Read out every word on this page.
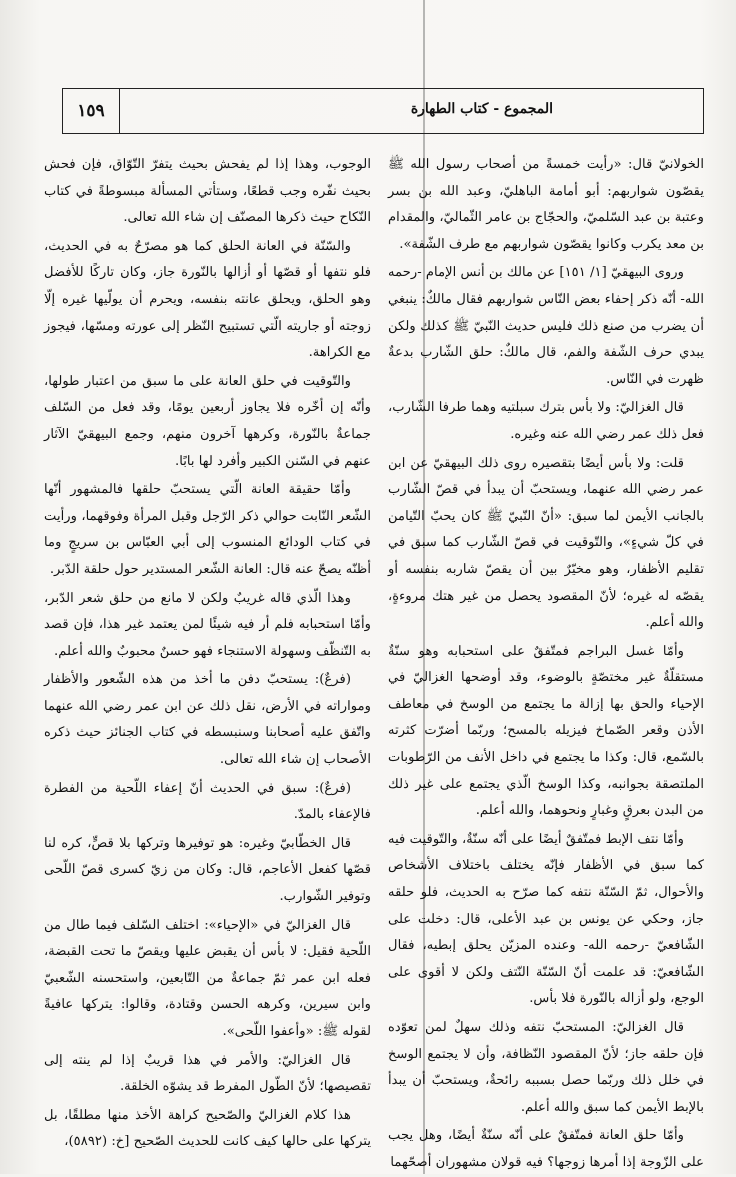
المجموع - كتاب الطهارة
١٥٩

الخولانيّ قال: «رأيت خمسةً من أصحاب رسول الله ﷺ يقصّون شواربهم: أبو أمامة الباهليّ، وعبد الله بن بسر وعتبة بن عبد السّلميّ، والحجّاج بن عامر الثّماليّ، والمقدام بن معد يكرب وكانوا يقصّون شواربهم مع طرف الشّفة».

وروى البيهقيّ [١/ ١٥١] عن مالك بن أنس الإمام -رحمه الله- أنّه ذكر إحفاء بعض النّاس شواربهم فقال مالكٌ: ينبغي أن يضرب من صنع ذلك فليس حديث النّبيّ ﷺ كذلك ولكن يبدي حرف الشّفة والفم، قال مالكٌ: حلق الشّارب بدعةٌ ظهرت في النّاس.

قال الغزاليّ: ولا بأس بترك سبلتيه وهما طرفا الشّارب، فعل ذلك عمر رضي الله عنه وغيره.

قلت: ولا بأس أيضًا بتقصيره روى ذلك البيهقيّ عن ابن عمر رضي الله عنهما، ويستحبّ أن يبدأ في قصّ الشّارب بالجانب الأيمن لما سبق: «أنّ النّبيّ ﷺ كان يحبّ التّيامن في كلّ شيءٍ»، والتّوقيت في قصّ الشّارب كما سبق في تقليم الأظفار، وهو مخيّرٌ بين أن يقصّ شاربه بنفسه أو يقصّه له غيره؛ لأنّ المقصود يحصل من غير هتك مروءةٍ، والله أعلم.

وأمّا غسل البراجم فمتّفقٌ على استحبابه وهو سنّةٌ مستقلّةٌ غير مختصّةٍ بالوضوء، وقد أوضحها الغزاليّ في الإحياء والحق بها إزالة ما يجتمع من الوسخ في معاطف الأذن وقعر الصّماخ فيزيله بالمسح؛ وربّما أضرّت كثرته بالسّمع، قال: وكذا ما يجتمع في داخل الأنف من الرّطوبات الملتصقة بجوانبه، وكذا الوسخ الّذي يجتمع على غير ذلك من البدن بعرقٍ وغبارٍ ونحوهما، والله أعلم.

وأمّا نتف الإبط فمتّفقٌ أيضًا على أنّه سنّةٌ، والتّوقيت فيه كما سبق في الأظفار فإنّه يختلف باختلاف الأشخاص والأحوال، ثمّ السّنّة نتفه كما صرّح به الحديث، فلو حلقه جاز، وحكي عن يونس بن عبد الأعلى، قال: دخلت على الشّافعيّ -رحمه الله- وعنده المزيّن يحلق إبطيه، فقال الشّافعيّ: قد علمت أنّ السّنّة النّتف ولكن لا أقوى على الوجع، ولو أزاله بالنّورة فلا بأس.

قال الغزاليّ: المستحبّ نتفه وذلك سهلٌ لمن تعوّده فإن حلقه جاز؛ لأنّ المقصود النّظافة، وأن لا يجتمع الوسخ في خلل ذلك وربّما حصل بسببه رائحةٌ، ويستحبّ أن يبدأ بالإبط الأيمن كما سبق والله أعلم.

وأمّا حلق العانة فمتّفقٌ على أنّه سنّةٌ أيضًا، وهل يجب على الزّوجة إذا أمرها زوجها؟ فيه قولان مشهوران أصحّهما

الوجوب، وهذا إذا لم يفحش بحيث يتفرّ التّوّاق، فإن فحش بحيث نفّره وجب قطعًا، وستأتي المسألة مبسوطةً في كتاب النّكاح حيث ذكرها المصنّف إن شاء الله تعالى.

والسّنّة في العانة الحلق كما هو مصرّحٌ به في الحديث، فلو نتفها أو قصّها أو أزالها بالنّورة جاز، وكان تاركًا للأفضل وهو الحلق، ويحلق عانته بنفسه، ويحرم أن يولّيها غيره إلّا زوجته أو جاريته الّتي تستبيح النّظر إلى عورته ومسّها، فيجوز مع الكراهة.

والتّوقيت في حلق العانة على ما سبق من اعتبار طولها، وأنّه إن أخّره فلا يجاوز أربعين يومًا، وقد فعل من السّلف جماعةٌ بالنّورة، وكرهها آخرون منهم، وجمع البيهقيّ الآثار عنهم في السّنن الكبير وأفرد لها بابًا.

وأمّا حقيقة العانة الّتي يستحبّ حلقها فالمشهور أنّها الشّعر النّابت حوالي ذكر الرّجل وقبل المرأة وفوقهما، ورأيت في كتاب الودائع المنسوب إلى أبي العبّاس بن سريجٍ وما أظنّه يصحّ عنه قال: العانة الشّعر المستدير حول حلقة الدّبر.

وهذا الّذي قاله غريبٌ ولكن لا مانع من حلق شعر الدّبر، وأمّا استحبابه فلم أر فيه شيئًا لمن يعتمد غير هذا، فإن قصد به التّنظّف وسهولة الاستنجاء فهو حسنٌ محبوبٌ والله أعلم.

(فرعٌ): يستحبّ دفن ما أخذ من هذه الشّعور والأظفار ومواراته في الأرض، نقل ذلك عن ابن عمر رضي الله عنهما واتّفق عليه أصحابنا وسنبسطه في كتاب الجنائز حيث ذكره الأصحاب إن شاء الله تعالى.

(فرعٌ): سبق في الحديث أنّ إعفاء اللّحية من الفطرة فالإعفاء بالمدّ.

قال الخطّابيّ وغيره: هو توفيرها وتركها بلا قصٍّ، كره لنا قصّها كفعل الأعاجم، قال: وكان من زيّ كسرى قصّ اللّحى وتوفير الشّوارب.

قال الغزاليّ في «الإحياء»: اختلف السّلف فيما طال من اللّحية فقيل: لا بأس أن يقبض عليها ويقصّ ما تحت القبضة، فعله ابن عمر ثمّ جماعةٌ من التّابعين، واستحسنه الشّعبيّ وابن سيرين، وكرهه الحسن وقتادة، وقالوا: يتركها عافيةً لقوله ﷺ: «وأعفوا اللّحى».

قال الغزاليّ: والأمر في هذا قريبٌ إذا لم ينته إلى تقصيصها؛ لأنّ الطّول المفرط قد يشوّه الخلقة.

هذا كلام الغزاليّ والصّحيح كراهة الأخذ منها مطلقًا، بل يتركها على حالها كيف كانت للحديث الصّحيح [خ: (٥٨٩٢)،
